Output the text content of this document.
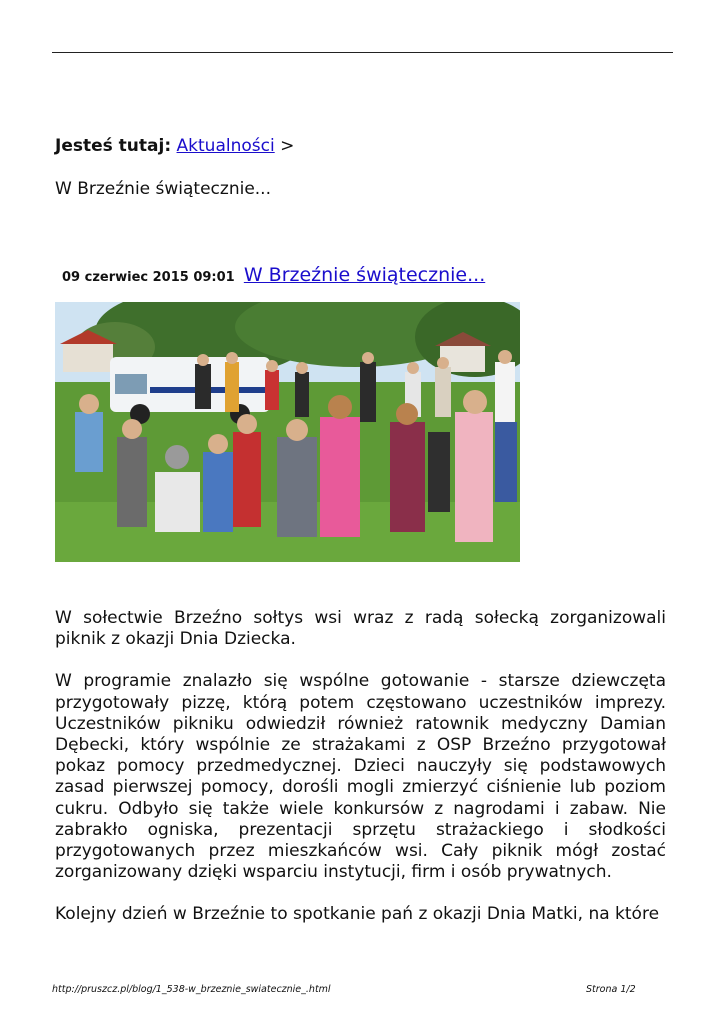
Jesteś tutaj: Aktualności >
W Brzeźnie świątecznie...
09 czerwiec 2015 09:01 W Brzeźnie świątecznie...

W sołectwie Brzeźno sołtys wsi wraz z radą sołecką zorganizowali piknik z okazji Dnia Dziecka.

W programie znalazło się wspólne gotowanie - starsze dziewczęta przygotowały pizzę, którą potem częstowano uczestników imprezy. Uczestników pikniku odwiedził również ratownik medyczny Damian Dębecki, który wspólnie ze strażakami z OSP Brzeźno przygotował pokaz pomocy przedmedycznej. Dzieci nauczyły się podstawowych zasad pierwszej pomocy, dorośli mogli zmierzyć ciśnienie lub poziom cukru. Odbyło się także wiele konkursów z nagrodami i zabaw. Nie zabrakło ogniska, prezentacji sprzętu strażackiego i słodkości przygotowanych przez mieszkańców wsi. Cały piknik mógł zostać zorganizowany dzięki wsparciu instytucji, firm i osób prywatnych.

Kolejny dzień w Brzeźnie to spotkanie pań z okazji Dnia Matki, na które

http://pruszcz.pl/blog/1_538-w_brzeznie_swiatecznie_.html	Strona 1/2
